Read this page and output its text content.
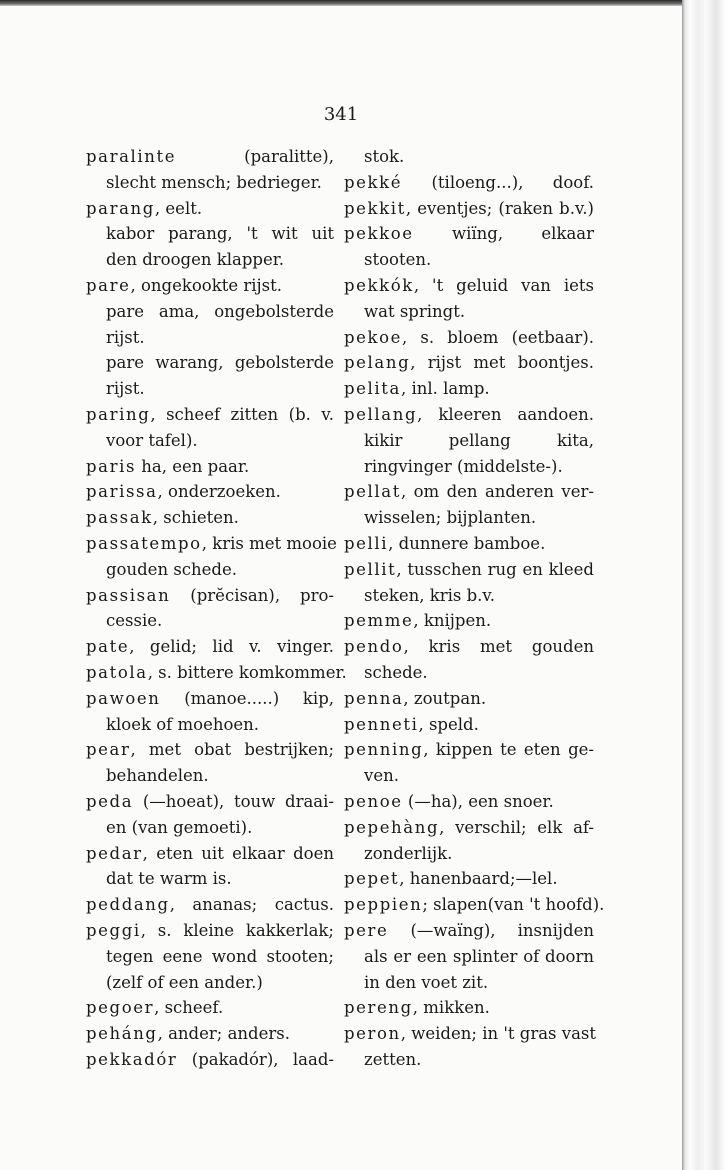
341
paralinte (paralitte),
slecht mensch; bedrieger.
parang, eelt.
kabor parang, 't wit uit
den droogen klapper.
pare, ongekookte rijst.
pare ama, ongebolsterde
rijst.
pare warang, gebolsterde
rijst.
paring, scheef zitten (b. v.
voor tafel).
paris ha, een paar.
parissa, onderzoeken.
passak, schieten.
passatempo, kris met mooie
gouden schede.
passisan (prĕcisan), pro-
cessie.
pate, gelid; lid v. vinger.
patola, s. bittere komkommer.
pawoen (manoe.....) kip,
kloek of moehoen.
pear, met obat bestrijken;
behandelen.
peda (—hoeat), touw draai-
en (van gemoeti).
pedar, eten uit elkaar doen
dat te warm is.
peddang, ananas; cactus.
peggi, s. kleine kakkerlak;
tegen eene wond stooten;
(zelf of een ander.)
pegoer, scheef.
peháng, ander; anders.
pekkadór (pakadór), laad-
stok.
pekké (tiloeng...), doof.
pekkit, eventjes; (raken b.v.)
pekkoe wiïng, elkaar
stooten.
pekkók, 't geluid van iets
wat springt.
pekoe, s. bloem (eetbaar).
pelang, rijst met boontjes.
pelita, inl. lamp.
pellang, kleeren aandoen.
kikir pellang kita,
ringvinger (middelste-).
pellat, om den anderen ver-
wisselen; bijplanten.
pelli, dunnere bamboe.
pellit, tusschen rug en kleed
steken, kris b.v.
pemme, knijpen.
pendo, kris met gouden
schede.
penna, zoutpan.
penneti, speld.
penning, kippen te eten ge-
ven.
penoe (—ha), een snoer.
pepehàng, verschil; elk af-
zonderlijk.
pepet, hanenbaard;—lel.
peppien; slapen(van 't hoofd).
pere (—waïng), insnijden
als er een splinter of doorn
in den voet zit.
pereng, mikken.
peron, weiden; in 't gras vast
zetten.
